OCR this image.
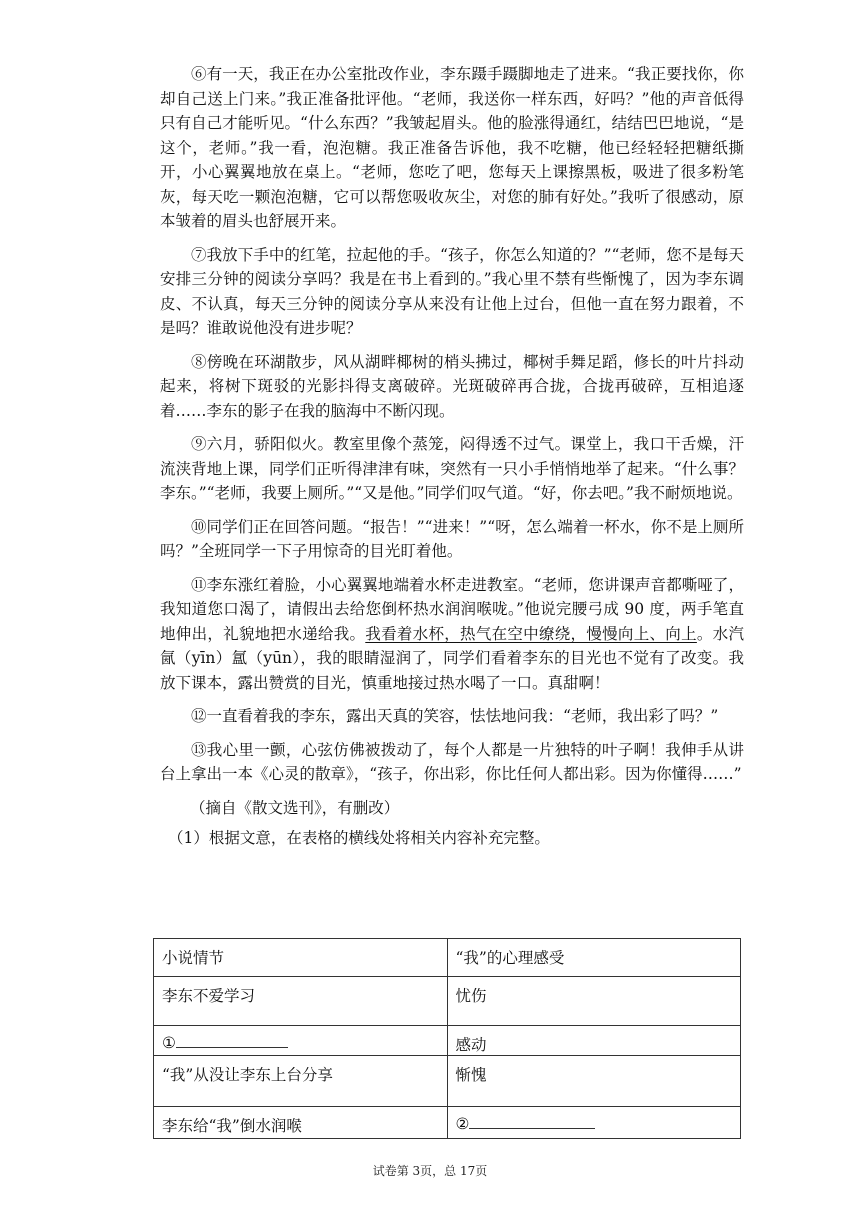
⑥有一天，我正在办公室批改作业，李东蹑手蹑脚地走了进来。“我正要找你，你却自己送上门来。”我正准备批评他。“老师，我送你一样东西，好吗？”他的声音低得只有自己才能听见。“什么东西？”我皱起眉头。他的脸涨得通红，结结巴巴地说，“是这个，老师。”我一看，泡泡糖。我正准备告诉他，我不吃糖，他已经轻轻把糖纸撕开，小心翼翼地放在桌上。“老师，您吃了吧，您每天上课擦黑板，吸进了很多粉笔灰，每天吃一颗泡泡糖，它可以帮您吸收灰尘，对您的肺有好处。”我听了很感动，原本皱着的眉头也舒展开来。

⑦我放下手中的红笔，拉起他的手。“孩子，你怎么知道的？”“老师，您不是每天安排三分钟的阅读分享吗？我是在书上看到的。”我心里不禁有些惭愧了，因为李东调皮、不认真，每天三分钟的阅读分享从来没有让他上过台，但他一直在努力跟着，不是吗？谁敢说他没有进步呢？

⑧傍晚在环湖散步，风从湖畔椰树的梢头拂过，椰树手舞足蹈，修长的叶片抖动起来，将树下斑驳的光影抖得支离破碎。光斑破碎再合拢，合拢再破碎，互相追逐着……李东的影子在我的脑海中不断闪现。

⑨六月，骄阳似火。教室里像个蒸笼，闷得透不过气。课堂上，我口干舌燥，汗流浃背地上课，同学们正听得津津有味，突然有一只小手悄悄地举了起来。“什么事？李东。”“老师，我要上厕所。”“又是他。”同学们叹气道。“好，你去吧。”我不耐烦地说。

⑩同学们正在回答问题。“报告！”“进来！”“呀，怎么端着一杯水，你不是上厕所吗？”全班同学一下子用惊奇的目光盯着他。

⑪李东涨红着脸，小心翼翼地端着水杯走进教室。“老师，您讲课声音都嘶哑了，我知道您口渴了，请假出去给您倒杯热水润润喉咙。”他说完腰弓成 90 度，两手笔直地伸出，礼貌地把水递给我。我看着水杯，热气在空中缭绕，慢慢向上、向上。水汽氤（yīn）氲（yūn），我的眼睛湿润了，同学们看着李东的目光也不觉有了改变。我放下课本，露出赞赏的目光，慎重地接过热水喝了一口。真甜啊！

⑫一直看着我的李东，露出天真的笑容，怯怯地问我：“老师，我出彩了吗？”

⑬我心里一颤，心弦仿佛被拨动了，每个人都是一片独特的叶子啊！我伸手从讲台上拿出一本《心灵的散章》，“孩子，你出彩，你比任何人都出彩。因为你懂得……”

（摘自《散文选刊》，有删改）

（1）根据文意，在表格的横线处将相关内容补充完整。

小说情节	“我”的心理感受
李东不爱学习	忧伤
①	感动
“我”从没让李东上台分享	惭愧
李东给“我”倒水润喉	②
试卷第 3页，总 17页
